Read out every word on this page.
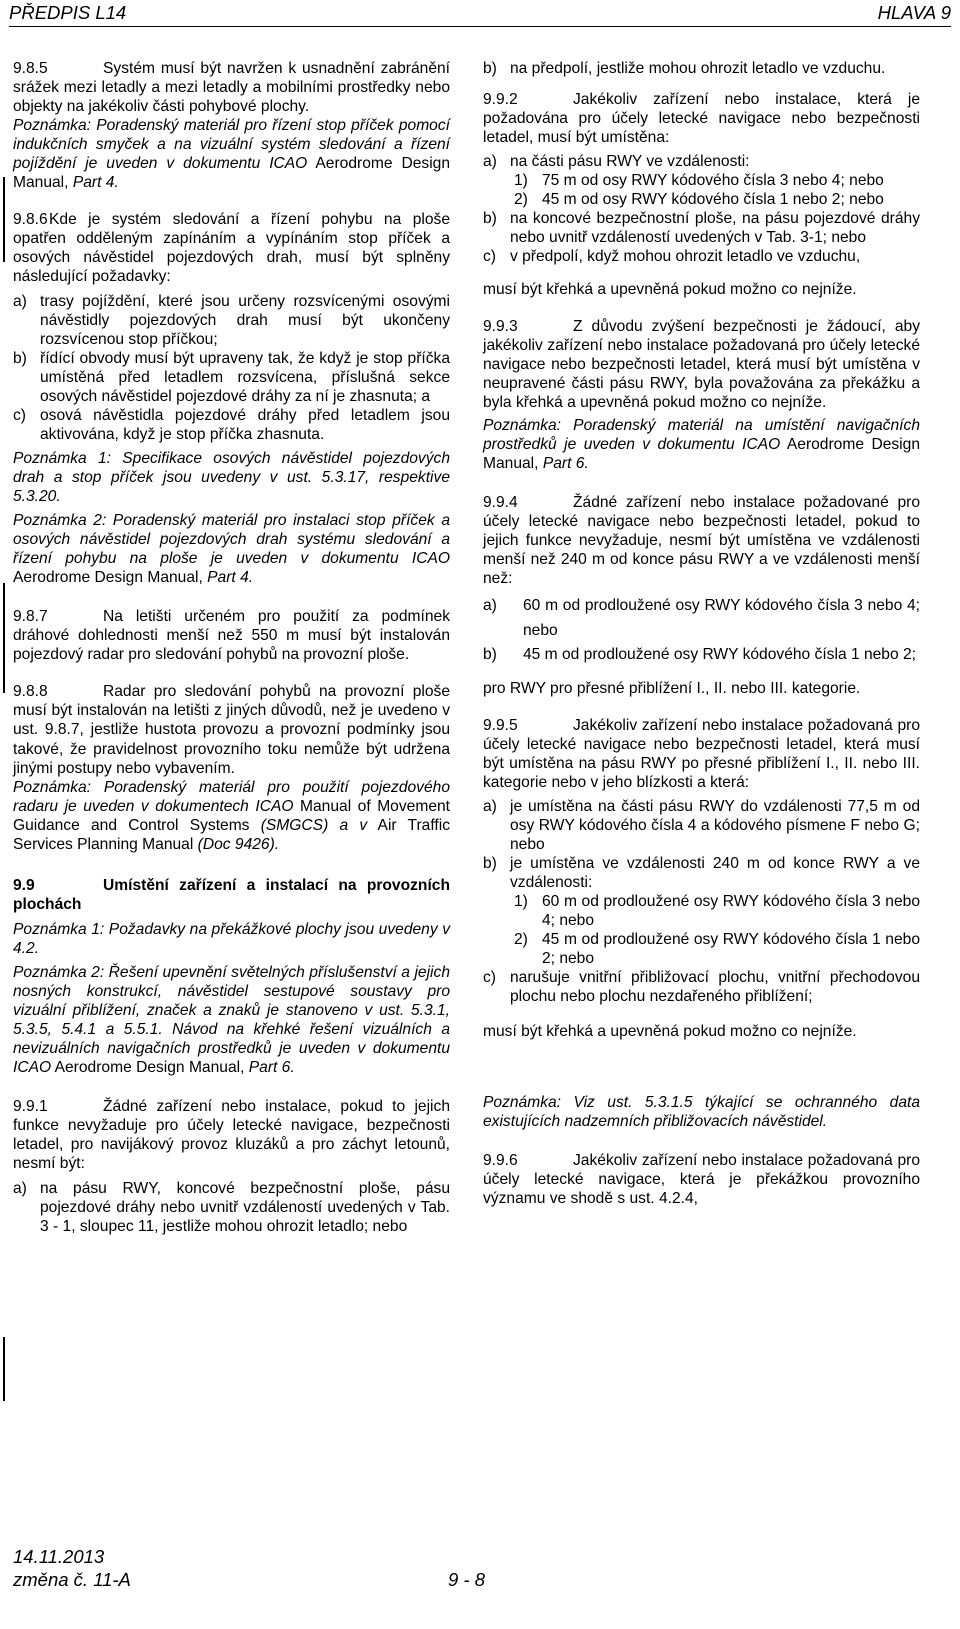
PŘEDPIS L14	HLAVA 9

9.8.5	Systém musí být navržen k usnadnění zabránění srážek mezi letadly a mezi letadly a mobilními prostředky nebo objekty na jakékoliv části pohybové plochy.

Poznámka: Poradenský materiál pro řízení stop příček pomocí indukčních smyček a na vizuální systém sledování a řízení pojíždění je uveden v dokumentu ICAO Aerodrome Design Manual, Part 4.

9.8.6Kde je systém sledování a řízení pohybu na ploše opatřen odděleným zapínáním a vypínáním stop příček a osových návěstidel pojezdových drah, musí být splněny následující požadavky:

a) trasy pojíždění, které jsou určeny rozsvícenými osovými návěstidly pojezdových drah musí být ukončeny rozsvícenou stop příčkou;
b) řídící obvody musí být upraveny tak, že když je stop příčka umístěná před letadlem rozsvícena, příslušná sekce osových návěstidel pojezdové dráhy za ní je zhasnuta; a
c) osová návěstidla pojezdové dráhy před letadlem jsou aktivována, když je stop příčka zhasnuta.

Poznámka 1: Specifikace osových návěstidel pojezdových drah a stop příček jsou uvedeny v ust. 5.3.17, respektive 5.3.20.

Poznámka 2: Poradenský materiál pro instalaci stop příček a osových návěstidel pojezdových drah systému sledování a řízení pohybu na ploše je uveden v dokumentu ICAO Aerodrome Design Manual, Part 4.

9.8.7	Na letišti určeném pro použití za podmínek dráhové dohlednosti menší než 550 m musí být instalován pojezdový radar pro sledování pohybů na provozní ploše.

9.8.8	Radar pro sledování pohybů na provozní ploše musí být instalován na letišti z jiných důvodů, než je uvedeno v ust. 9.8.7, jestliže hustota provozu a provozní podmínky jsou takové, že pravidelnost provozního toku nemůže být udržena jinými postupy nebo vybavením.

Poznámka: Poradenský materiál pro použití pojezdového radaru je uveden v dokumentech ICAO Manual of Movement Guidance and Control Systems (SMGCS) a v Air Traffic Services Planning Manual (Doc 9426).

9.9	Umístění zařízení a instalací na provozních plochách

Poznámka 1: Požadavky na překážkové plochy jsou uvedeny v 4.2.

Poznámka 2: Řešení upevnění světelných příslušenství a jejich nosných konstrukcí, návěstidel sestupové soustavy pro vizuální přiblížení, značek a znaků je stanoveno v ust. 5.3.1, 5.3.5, 5.4.1 a 5.5.1. Návod na křehké řešení vizuálních a nevizuálních navigačních prostředků je uveden v dokumentu ICAO Aerodrome Design Manual, Part 6.

9.9.1	Žádné zařízení nebo instalace, pokud to jejich funkce nevyžaduje pro účely letecké navigace, bezpečnosti letadel, pro navijákový provoz kluzáků a pro záchyt letounů, nesmí být:

a) na pásu RWY, koncové bezpečnostní ploše, pásu pojezdové dráhy nebo uvnitř vzdáleností uvedených v Tab. 3 - 1, sloupec 11, jestliže mohou ohrozit letadlo; nebo
b) na předpolí, jestliže mohou ohrozit letadlo ve vzduchu.

9.9.2	Jakékoliv zařízení nebo instalace, která je požadována pro účely letecké navigace nebo bezpečnosti letadel, musí být umístěna:

a) na části pásu RWY ve vzdálenosti:
1) 75 m od osy RWY kódového čísla 3 nebo 4; nebo
2) 45 m od osy RWY kódového čísla 1 nebo 2; nebo
b) na koncové bezpečnostní ploše, na pásu pojezdové dráhy nebo uvnitř vzdáleností uvedených v Tab. 3-1; nebo
c) v předpolí, když mohou ohrozit letadlo ve vzduchu,

musí být křehká a upevněná pokud možno co nejníže.

9.9.3	Z důvodu zvýšení bezpečnosti je žádoucí, aby jakékoliv zařízení nebo instalace požadovaná pro účely letecké navigace nebo bezpečnosti letadel, která musí být umístěna v neupravené části pásu RWY, byla považována za překážku a byla křehká a upevněná pokud možno co nejníže.

Poznámka: Poradenský materiál na umístění navigačních prostředků je uveden v dokumentu ICAO Aerodrome Design Manual, Part 6.

9.9.4	Žádné zařízení nebo instalace požadované pro účely letecké navigace nebo bezpečnosti letadel, pokud to jejich funkce nevyžaduje, nesmí být umístěna ve vzdálenosti menší než 240 m od konce pásu RWY a ve vzdálenosti menší než:

a)	60 m od prodloužené osy RWY kódového čísla 3 nebo 4; nebo
b)	45 m od prodloužené osy RWY kódového čísla 1 nebo 2;

pro RWY pro přesné přiblížení I., II. nebo III. kategorie.

9.9.5	Jakékoliv zařízení nebo instalace požadovaná pro účely letecké navigace nebo bezpečnosti letadel, která musí být umístěna na pásu RWY po přesné přiblížení I., II. nebo III. kategorie nebo v jeho blízkosti a která:

a) je umístěna na části pásu RWY do vzdálenosti 77,5 m od osy RWY kódového čísla 4 a kódového písmene F nebo G; nebo
b) je umístěna ve vzdálenosti 240 m od konce RWY a ve vzdálenosti:
1) 60 m od prodloužené osy RWY kódového čísla 3 nebo 4; nebo
2) 45 m od prodloužené osy RWY kódového čísla 1 nebo 2; nebo
c) narušuje vnitřní přibližovací plochu, vnitřní přechodovou plochu nebo plochu nezdařeného přiblížení;

musí být křehká a upevněná pokud možno co nejníže.

Poznámka: Viz ust. 5.3.1.5 týkající se ochranného data existujících nadzemních přibližovacích návěstidel.

9.9.6	Jakékoliv zařízení nebo instalace požadovaná pro účely letecké navigace, která je překážkou provozního významu ve shodě s ust. 4.2.4,

14.11.2013
změna č. 11-A	9 - 8
